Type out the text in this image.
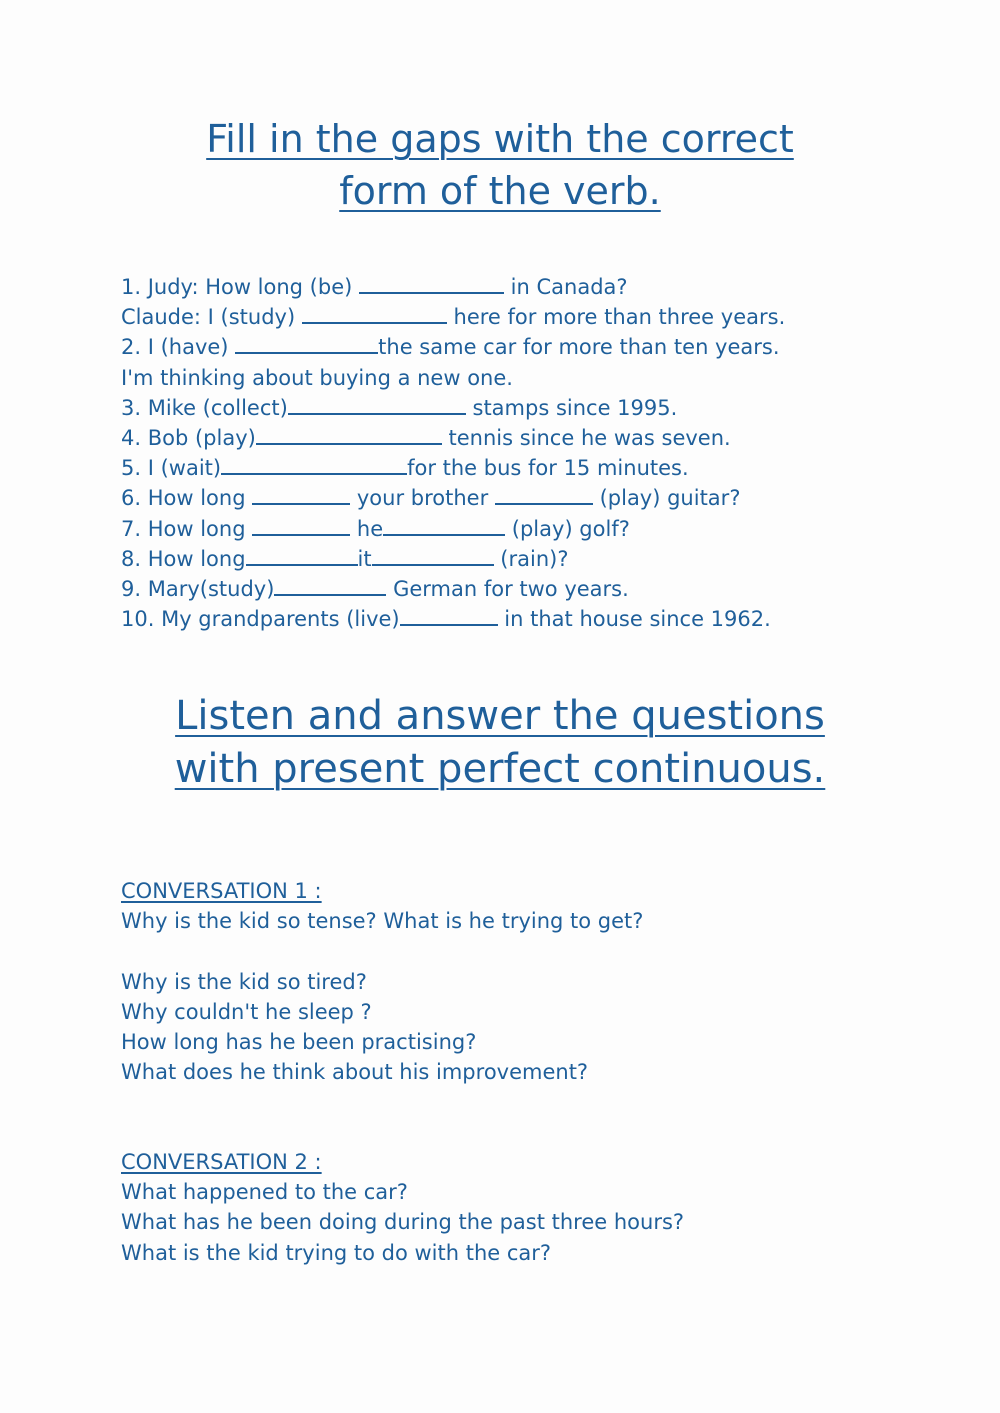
Fill in the gaps with the correct
form of the verb.
1. Judy: How long (be)	in Canada?
Claude: I (study)	here for more than three years.
2. I (have)	the same car for more than ten years.
I'm thinking about buying a new one.
3. Mike (collect)	stamps since 1995.
4. Bob (play)	tennis since he was seven.
5. I (wait)	for the bus for 15 minutes.
6. How long	your brother	(play) guitar?
7. How long	he	(play) golf?
8. How long	it	(rain)?
9. Mary(study)	German for two years.
10. My grandparents (live)	in that house since 1962.
Listen and answer the questions
with present perfect continuous.
CONVERSATION 1 :
Why is the kid so tense? What is he trying to get?
Why is the kid so tired?
Why couldn't he sleep ?
How long has he been practising?
What does he think about his improvement?
CONVERSATION 2 :
What happened to the car?
What has he been doing during the past three hours?
What is the kid trying to do with the car?
